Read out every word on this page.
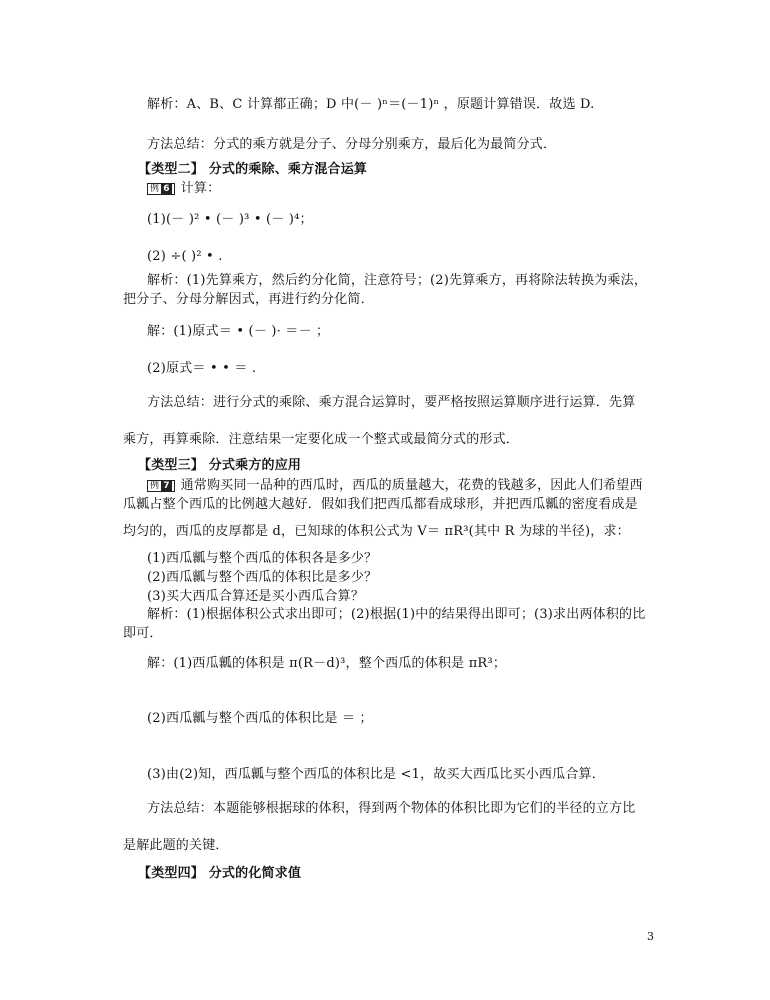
解析：A、B、C 计算都正确；D 中(－ )ⁿ＝(－1)ⁿ ，原题计算错误．故选 D.
方法总结：分式的乘方就是分子、分母分别乘方，最后化为最简分式．
【类型二】 分式的乘除、乘方混合运算
例 6 计算：
(1)(－ )² • (－ )³ • (－ )⁴；
(2) ÷( )² • .
解析：(1)先算乘方，然后约分化简，注意符号；(2)先算乘方，再将除法转换为乘法，
把分子、分母分解因式，再进行约分化简．
解：(1)原式＝ • (－ )· ＝－ ；
(2)原式＝ • • ＝ .
方法总结：进行分式的乘除、乘方混合运算时，要严格按照运算顺序进行运算．先算
乘方，再算乘除．注意结果一定要化成一个整式或最简分式的形式．
【类型三】 分式乘方的应用
例 7 通常购买同一品种的西瓜时，西瓜的质量越大，花费的钱越多，因此人们希望西
瓜瓤占整个西瓜的比例越大越好．假如我们把西瓜都看成球形，并把西瓜瓤的密度看成是
均匀的，西瓜的皮厚都是 d，已知球的体积公式为 V＝ πR³(其中 R 为球的半径)，求：
(1)西瓜瓤与整个西瓜的体积各是多少？
(2)西瓜瓤与整个西瓜的体积比是多少？
(3)买大西瓜合算还是买小西瓜合算？
解析：(1)根据体积公式求出即可；(2)根据(1)中的结果得出即可；(3)求出两体积的比
即可．
解：(1)西瓜瓤的体积是 π(R－d)³，整个西瓜的体积是 πR³；
(2)西瓜瓤与整个西瓜的体积比是 ＝ ；
(3)由(2)知，西瓜瓤与整个西瓜的体积比是 <1，故买大西瓜比买小西瓜合算．
方法总结：本题能够根据球的体积，得到两个物体的体积比即为它们的半径的立方比
是解此题的关键．
【类型四】 分式的化简求值
3
